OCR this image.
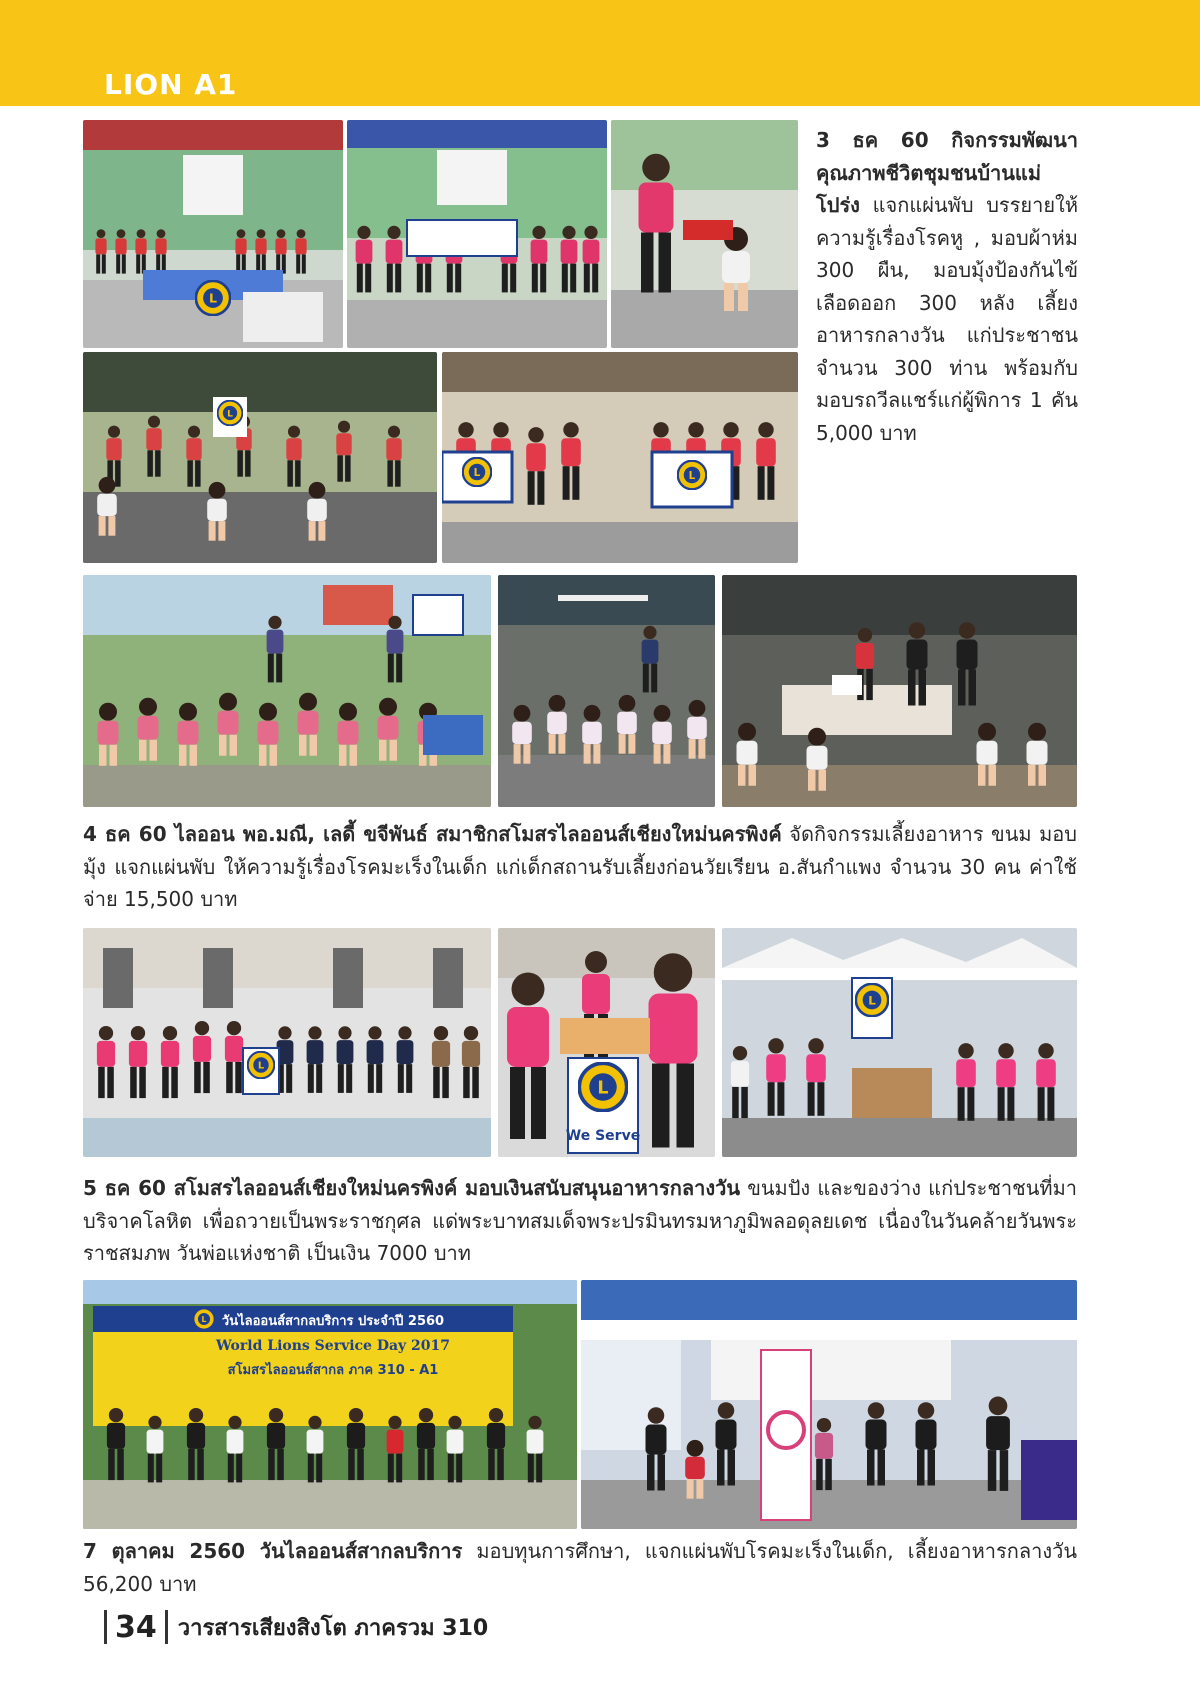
LION A1
3 ธค 60 กิจกรรมพัฒนาคุณภาพชีวิตชุมชนบ้านแม่โปร่ง แจกแผ่นพับ บรรยายให้ความรู้เรื่องโรคหู , มอบผ้าห่ม 300 ผืน, มอบมุ้งป้องกันไข้เลือดออก 300 หลัง เลี้ยงอาหารกลางวัน แก่ประชาชน จำนวน 300 ท่าน พร้อมกับ มอบรถวีลแชร์แก่ผู้พิการ 1 คัน 5,000 บาท
4 ธค 60 ไลออน พอ.มณี, เลดี้ ขจีพันธ์ สมาชิกสโมสรไลออนส์เชียงใหม่นครพิงค์ จัดกิจกรรมเลี้ยงอาหาร ขนม มอบมุ้ง แจกแผ่นพับ ให้ความรู้เรื่องโรคมะเร็งในเด็ก แก่เด็กสถานรับเลี้ยงก่อนวัยเรียน อ.สันกำแพง จำนวน 30 คน ค่าใช้จ่าย 15,500 บาท
We Serve
5 ธค 60 สโมสรไลออนส์เชียงใหม่นครพิงค์ มอบเงินสนับสนุนอาหารกลางวัน ขนมปัง และของว่าง แก่ประชาชนที่มาบริจาคโลหิต เพื่อถวายเป็นพระราชกุศล แด่พระบาทสมเด็จพระปรมินทรมหาภูมิพลอดุลยเดช เนื่องในวันคล้ายวันพระราชสมภพ วันพ่อแห่งชาติ เป็นเงิน 7000 บาท
วันไลออนส์สากลบริการ ประจำปี 2560
World Lions Service Day 2017
สโมสรไลออนส์สากล ภาค 310 - A1
7 ตุลาคม 2560 วันไลออนส์สากลบริการ มอบทุนการศึกษา, แจกแผ่นพับโรคมะเร็งในเด็ก, เลี้ยงอาหารกลางวัน 56,200 บาท
34 วารสารเสียงสิงโต ภาครวม 310
